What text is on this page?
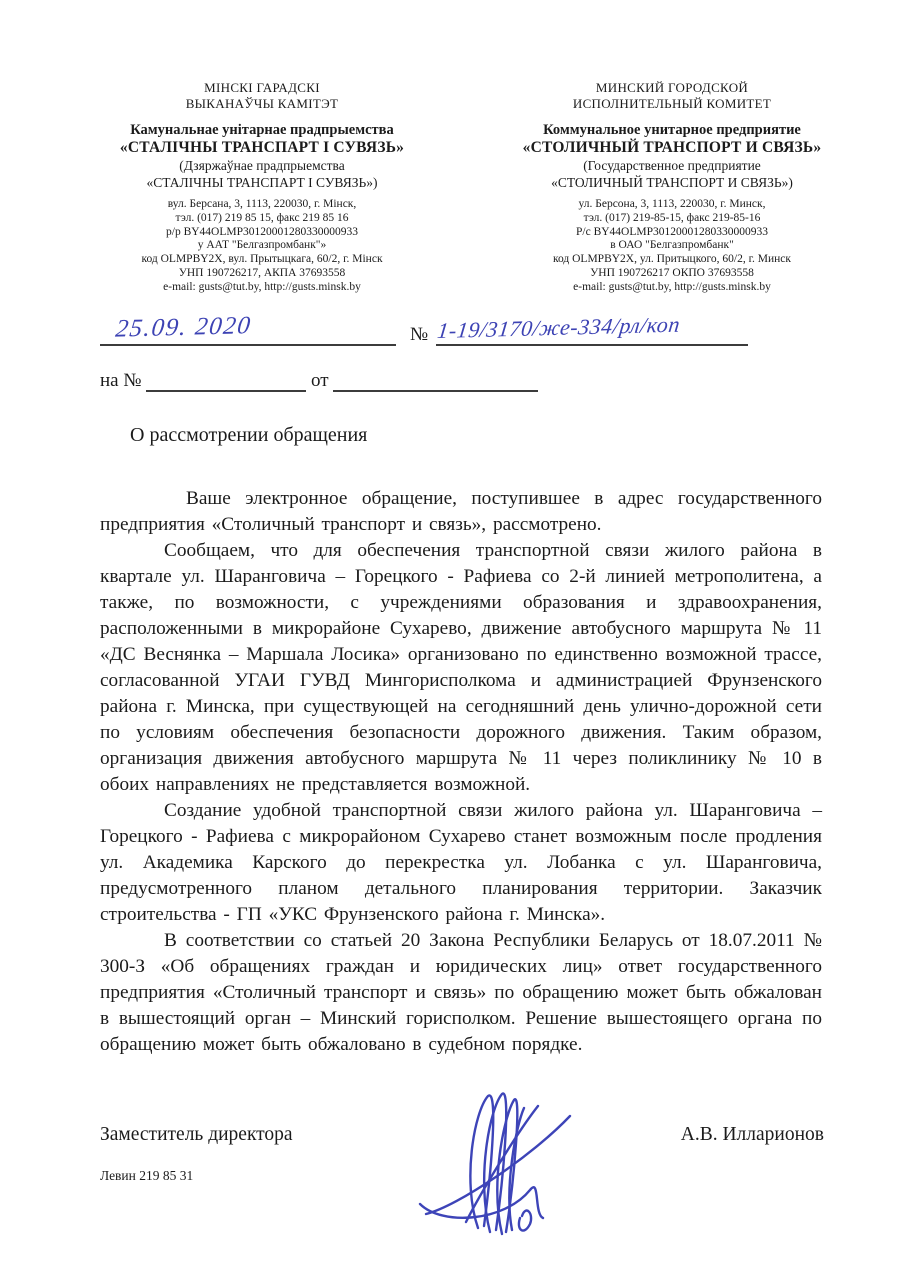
МІНСКІ ГАРАДСКІ
ВЫКАНАЎЧЫ КАМІТЭТ
Камунальнае унітарнае прадпрыемства
«СТАЛІЧНЫ ТРАНСПАРТ І СУВЯЗЬ»
(Дзяржаўнае прадпрыемства
«СТАЛІЧНЫ ТРАНСПАРТ І СУВЯЗЬ»)
вул. Берсана, 3, 1113, 220030, г. Мінск,
тэл. (017) 219 85 15, факс 219 85 16
р/р BY44OLMP30120001280330000933
у ААТ "Белгазпромбанк"»
код OLMPBY2X, вул. Прытыцкага, 60/2, г. Мінск
УНП 190726217, АКПА 37693558
e-mail: gusts@tut.by, http://gusts.minsk.by
МИНСКИЙ ГОРОДСКОЙ
ИСПОЛНИТЕЛЬНЫЙ КОМИТЕТ
Коммунальное унитарное предприятие
«СТОЛИЧНЫЙ ТРАНСПОРТ И СВЯЗЬ»
(Государственное предприятие
«СТОЛИЧНЫЙ ТРАНСПОРТ И СВЯЗЬ»)
ул. Берсона, 3, 1113, 220030, г. Минск,
тэл. (017) 219-85-15, факс 219-85-16
Р/с BY44OLMP30120001280330000933
в ОАО "Белгазпромбанк"
код OLMPBY2X, ул. Притыцкого, 60/2, г. Минск
УНП 190726217 ОКПО 37693558
e-mail: gusts@tut.by, http://gusts.minsk.by
25.09. 2020	№ 1-19/3170/же-334/рл/коп
на №	от
О рассмотрении обращения

Ваше электронное обращение, поступившее в адрес государственного предприятия «Столичный транспорт и связь», рассмотрено.

Сообщаем, что для обеспечения транспортной связи жилого района в квартале ул. Шаранговича – Горецкого - Рафиева со 2-й линией метрополитена, а также, по возможности, с учреждениями образования и здравоохранения, расположенными в микрорайоне Сухарево, движение автобусного маршрута № 11 «ДС Веснянка – Маршала Лосика» организовано по единственно возможной трассе, согласованной УГАИ ГУВД Мингорисполкома и администрацией Фрунзенского района г. Минска, при существующей на сегодняшний день улично-дорожной сети по условиям обеспечения безопасности дорожного движения. Таким образом, организация движения автобусного маршрута № 11 через поликлинику № 10 в обоих направлениях не представляется возможной.

Создание удобной транспортной связи жилого района ул. Шаранговича – Горецкого - Рафиева с микрорайоном Сухарево станет возможным после продления ул. Академика Карского до перекрестка ул. Лобанка с ул. Шаранговича, предусмотренного планом детального планирования территории. Заказчик строительства - ГП «УКС Фрунзенского района г. Минска».

В соответствии со статьей 20 Закона Республики Беларусь от 18.07.2011 № 300-З «Об обращениях граждан и юридических лиц» ответ государственного предприятия «Столичный транспорт и связь» по обращению может быть обжалован в вышестоящий орган – Минский горисполком. Решение вышестоящего органа по обращению может быть обжаловано в судебном порядке.

Заместитель директора	А.В. Илларионов
Левин 219 85 31
